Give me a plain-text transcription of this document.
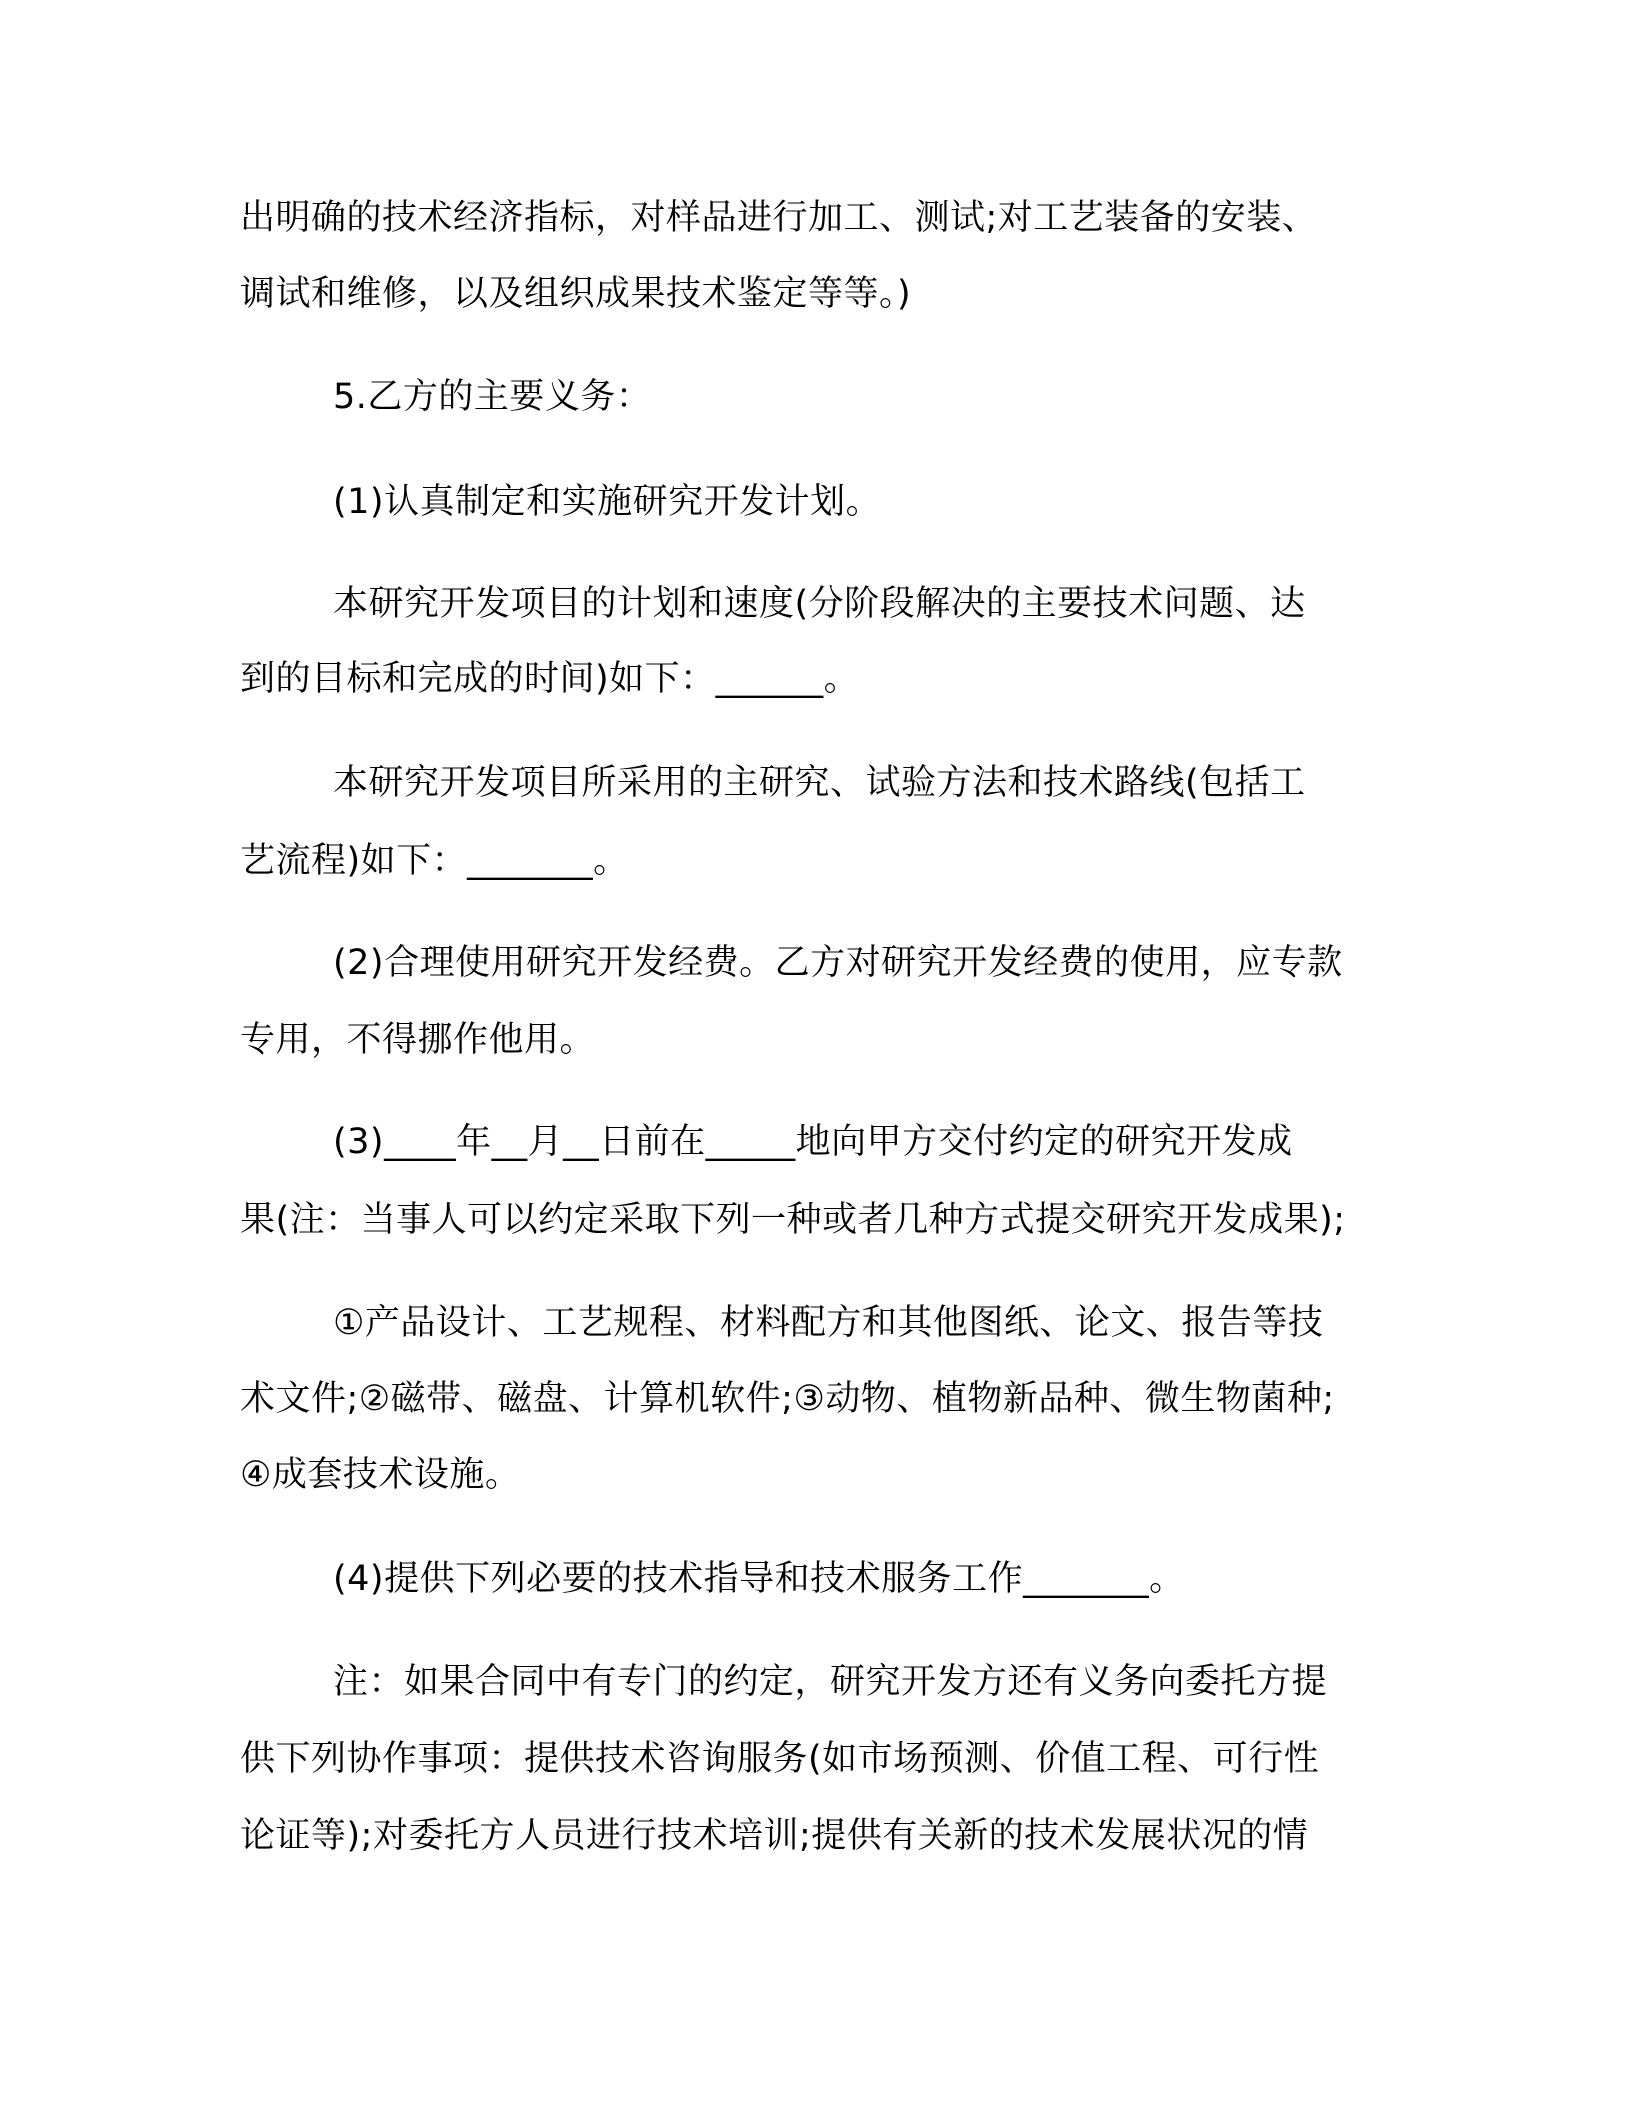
出明确的技术经济指标，对样品进行加工、测试;对工艺装备的安装、
调试和维修，以及组织成果技术鉴定等等。)
5.乙方的主要义务：
(1)认真制定和实施研究开发计划。
本研究开发项目的计划和速度(分阶段解决的主要技术问题、达
到的目标和完成的时间)如下：______。
本研究开发项目所采用的主研究、试验方法和技术路线(包括工
艺流程)如下：_______。
(2)合理使用研究开发经费。乙方对研究开发经费的使用，应专款
专用，不得挪作他用。
(3)____年__月__日前在_____地向甲方交付约定的研究开发成
果(注：当事人可以约定采取下列一种或者几种方式提交研究开发成果);
①产品设计、工艺规程、材料配方和其他图纸、论文、报告等技
术文件;②磁带、磁盘、计算机软件;③动物、植物新品种、微生物菌种;
④成套技术设施。
(4)提供下列必要的技术指导和技术服务工作_______。
注：如果合同中有专门的约定，研究开发方还有义务向委托方提
供下列协作事项：提供技术咨询服务(如市场预测、价值工程、可行性
论证等);对委托方人员进行技术培训;提供有关新的技术发展状况的情
